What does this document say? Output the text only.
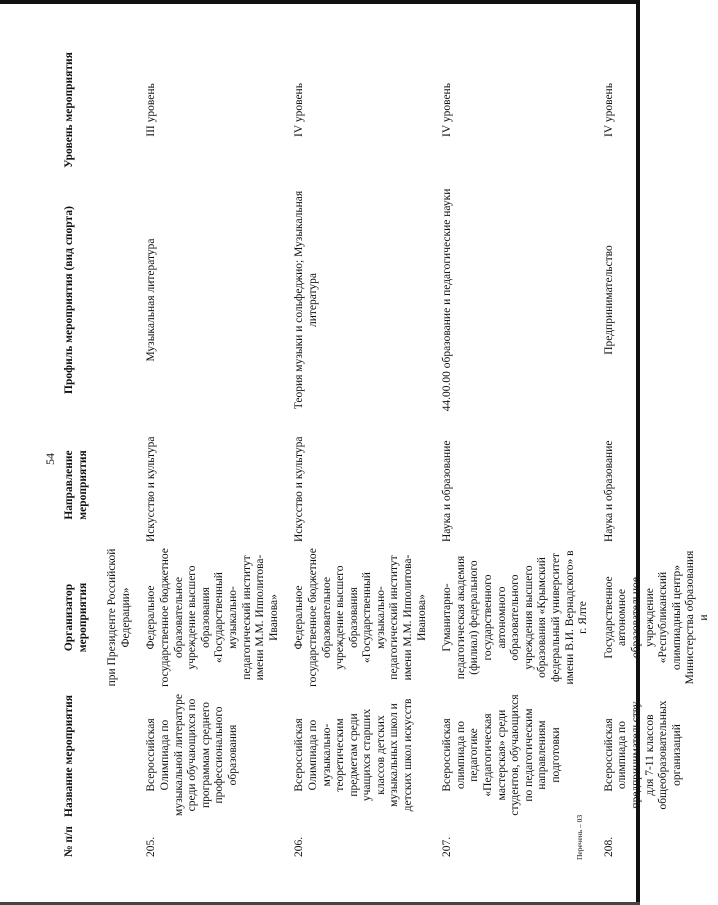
54
№ п/п	Название мероприятия	Организатор мероприятия	Направление мероприятия	Профиль мероприятия (вид спорта)	Уровень мероприятия
		при Президенте Российской Федерации»			
205.	Всероссийская Олимпиада по музыкальной литературе среди обучающихся по программам среднего профессионального образования	Федеральное государственное бюджетное образовательное учреждение высшего образования «Государственный музыкально-педагогический институт имени М.М. Ипполитова-Иванова»	Искусство и культура	Музыкальная литература	III уровень
206.	Всероссийская Олимпиада по музыкально-теоретическим предметам среди учащихся старших классов детских музыкальных школ и детских школ искусств	Федеральное государственное бюджетное образовательное учреждение высшего образования «Государственный музыкально-педагогический институт имени М.М. Ипполитова-Иванова»	Искусство и культура	Теория музыки и сольфеджио; Музыкальная литература	IV уровень
207.	Всероссийская олимпиада по педагогике «Педагогическая мастерская» среди студентов, обучающихся по педагогическим направлениям подготовки	Гуманитарно-педагогическая академия (филиал) федерального государственного автономного образовательного учреждения высшего образования «Крымский федеральный университет имени В.И. Вернадского» в г. Ялте	Наука и образование	44.00.00 образование и педагогические науки	IV уровень
208.	Всероссийская олимпиада по предпринимательству для 7-11 классов общеобразовательных организаций	Государственное автономное образовательное учреждение «Республиканский олимпиадный центр» Министерства образования и	Наука и образование	Предпринимательство	IV уровень
Перечень – 03
